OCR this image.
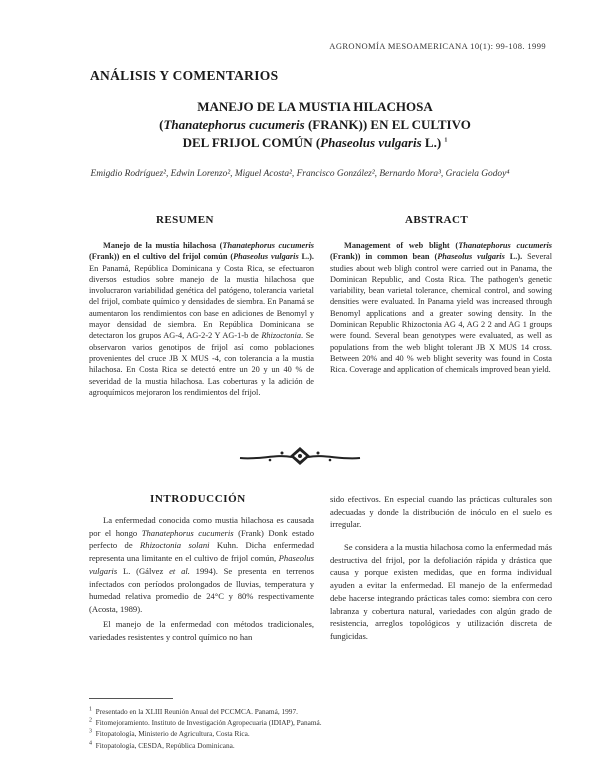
AGRONOMÍA MESOAMERICANA 10(1): 99-108. 1999
ANÁLISIS Y COMENTARIOS
MANEJO DE LA MUSTIA HILACHOSA
(Thanatephorus cucumeris (FRANK)) EN EL CULTIVO
DEL FRIJOL COMÚN (Phaseolus vulgaris L.) $^1$
Emigdio Rodríguez², Edwin Lorenzo², Miguel Acosta², Francisco González², Bernardo Mora³, Graciela Godoy⁴
RESUMEN	ABSTRACT
Manejo de la mustia hilachosa (Thanatephorus cucumeris (Frank)) en el cultivo del frijol común (Phaseolus vulgaris L.). En Panamá, República Dominicana y Costa Rica, se efectuaron diversos estudios sobre manejo de la mustia hilachosa que involucraron variabilidad genética del patógeno, tolerancia varietal del frijol, combate químico y densidades de siembra. En Panamá se aumentaron los rendimientos con base en adiciones de Benomyl y mayor densidad de siembra. En República Dominicana se detectaron los grupos AG-4, AG-2-2 Y AG-1-b de Rhizoctonia. Se observaron varios genotipos de frijol así como poblaciones provenientes del cruce JB X MUS -4, con tolerancia a la mustia hilachosa. En Costa Rica se detectó entre un 20 y un 40 % de severidad de la mustia hilachosa. Las coberturas y la adición de agroquímicos mejoraron los rendimientos del frijol.
Management of web blight (Thanatephorus cucumeris (Frank)) in common bean (Phaseolus vulgaris L.). Several studies about web bligh control were carried out in Panama, the Dominican Republic, and Costa Rica. The pathogen's genetic variability, bean varietal tolerance, chemical control, and sowing densities were evaluated. In Panama yield was increased through Benomyl applications and a greater sowing density. In the Dominican Republic Rhizoctonia AG 4, AG 2 2 and AG 1 groups were found. Several bean genotypes were evaluated, as well as populations from the web blight tolerant JB X MUS 14 cross. Between 20% and 40 % web blight severity was found in Costa Rica. Coverage and application of chemicals improved bean yield.
INTRODUCCIÓN
La enfermedad conocida como mustia hilachosa es causada por el hongo Thanatephorus cucumeris (Frank) Donk estado perfecto de Rhizoctonia solani Kuhn. Dicha enfermedad representa una limitante en el cultivo de frijol común, Phaseolus vulgaris L. (Gálvez et al. 1994). Se presenta en terrenos infectados con períodos prolongados de lluvias, temperatura y humedad relativa promedio de 24°C y 80% respectivamente (Acosta, 1989).
El manejo de la enfermedad con métodos tradicionales, variedades resistentes y control químico no han
sido efectivos. En especial cuando las prácticas culturales son adecuadas y donde la distribución de inóculo en el suelo es irregular.
Se considera a la mustia hilachosa como la enfermedad más destructiva del frijol, por la defoliación rápida y drástica que causa y porque existen medidas, que en forma individual ayuden a evitar la enfermedad. El manejo de la enfermedad debe hacerse integrando prácticas tales como: siembra con cero labranza y cobertura natural, variedades con algún grado de resistencia, arreglos topológicos y utilización discreta de fungicidas.
$^1$ Presentado en la XLIII Reunión Anual del PCCMCA. Panamá, 1997.
$^2$ Fitomejoramiento. Instituto de Investigación Agropecuaria (IDIAP), Panamá.
$^3$ Fitopatología, Ministerio de Agricultura, Costa Rica.
$^4$ Fitopatología, CESDA, República Dominicana.
